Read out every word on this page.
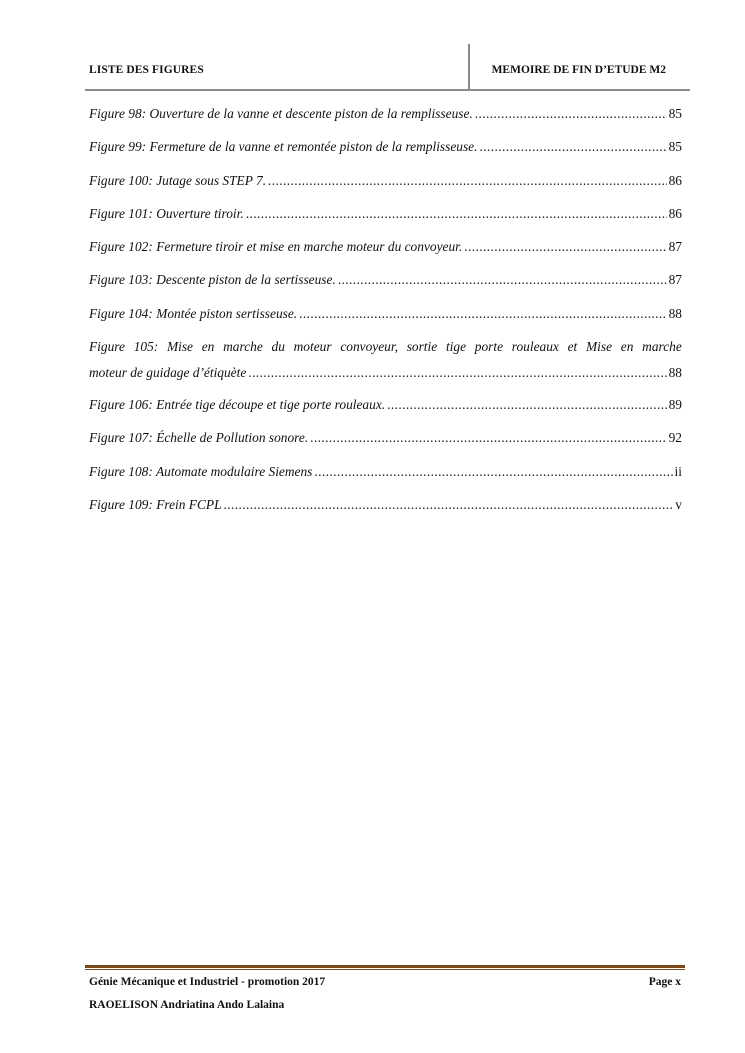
LISTE DES FIGURES	MEMOIRE DE FIN D’ETUDE M2
Figure 98: Ouverture de la vanne et descente piston de la remplisseuse. .....	85
Figure 99: Fermeture de la vanne et remontée piston de la remplisseuse. .....	85
Figure 100: Jutage sous STEP 7. .....	86
Figure 101: Ouverture tiroir. .....	86
Figure 102: Fermeture tiroir et mise en marche moteur du convoyeur. .....	87
Figure 103: Descente piston de la sertisseuse. .....	87
Figure 104: Montée piston sertisseuse. .....	88
Figure 105: Mise en marche du moteur convoyeur, sortie tige porte rouleaux et Mise en marche
moteur de guidage d’étiquète .....	88
Figure 106: Entrée tige découpe et tige porte rouleaux. .....	89
Figure 107: Échelle de Pollution sonore. .....	92
Figure 108: Automate modulaire Siemens .....	ii
Figure 109: Frein FCPL .....	v
Génie Mécanique et Industriel - promotion 2017	Page x
RAOELISON Andriatina Ando Lalaina
